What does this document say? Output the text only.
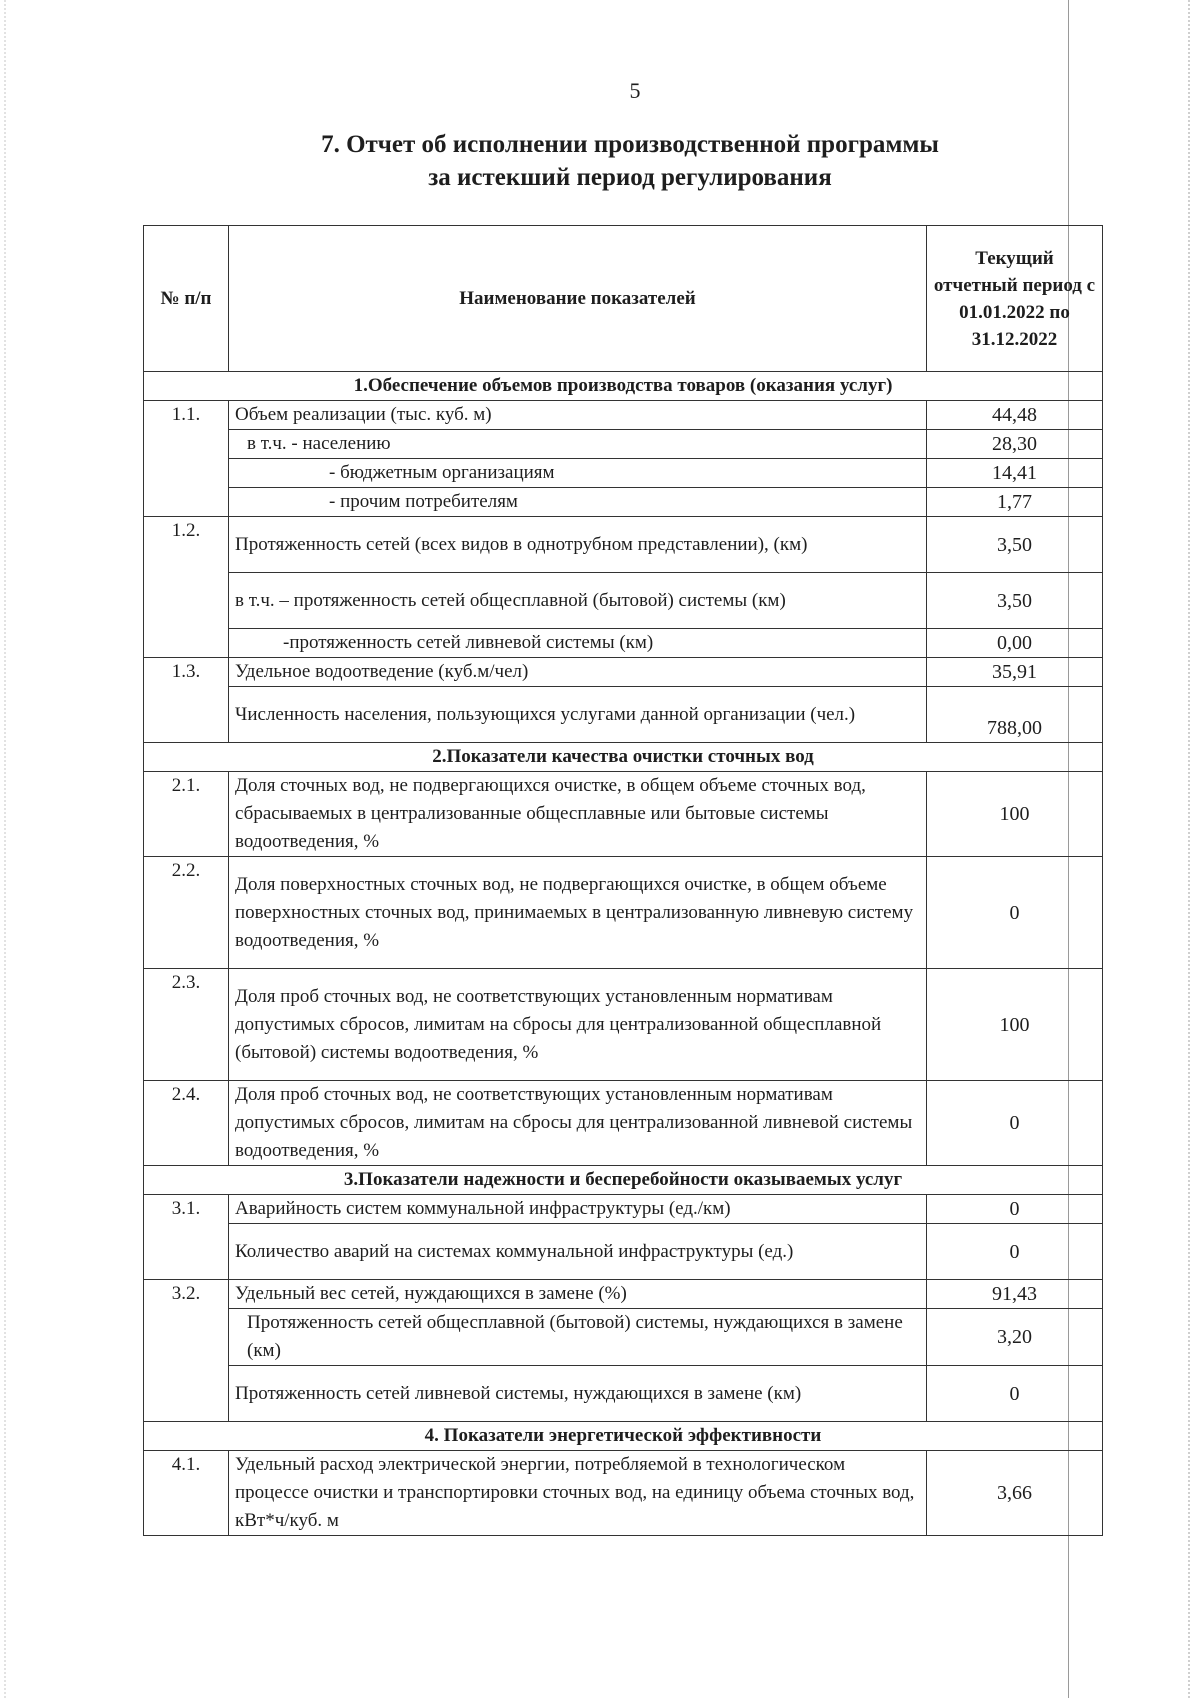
5
7. Отчет об исполнении производственной программы
за истекший период регулирования
№ п/п	Наименование показателей	Текущий отчетный период с 01.01.2022 по 31.12.2022
1.Обеспечение объемов производства товаров (оказания услуг)		
1.1.	Объем реализации (тыс. куб. м)	44,48
	в т.ч. - населению	28,30
	- бюджетным организациям	14,41
	- прочим потребителям	1,77
1.2.	Протяженность сетей (всех видов в однотрубном представлении), (км)	3,50
	в т.ч. – протяженность сетей общесплавной (бытовой) системы (км)	3,50
	-протяженность сетей ливневой системы (км)	0,00
1.3.	Удельное водоотведение (куб.м/чел)	35,91
	Численность населения, пользующихся услугами данной организации (чел.)	788,00
2.Показатели качества очистки сточных вод		
2.1.	Доля сточных вод, не подвергающихся очистке, в общем объеме сточных вод, сбрасываемых в централизованные общесплавные или бытовые системы водоотведения, %	100
2.2.	Доля поверхностных сточных вод, не подвергающихся очистке, в общем объеме поверхностных сточных вод, принимаемых в централизованную ливневую систему водоотведения, %	0
2.3.	Доля проб сточных вод, не соответствующих установленным нормативам допустимых сбросов, лимитам на сбросы для централизованной общесплавной (бытовой) системы водоотведения, %	100
2.4.	Доля проб сточных вод, не соответствующих установленным нормативам допустимых сбросов, лимитам на сбросы для централизованной ливневой системы водоотведения, %	0
3.Показатели надежности и бесперебойности оказываемых услуг		
3.1.	Аварийность систем коммунальной инфраструктуры (ед./км)	0
	Количество аварий на системах коммунальной инфраструктуры (ед.)	0
3.2.	Удельный вес сетей, нуждающихся в замене (%)	91,43
	Протяженность сетей общесплавной (бытовой) системы, нуждающихся в замене (км)	3,20
	Протяженность сетей ливневой системы, нуждающихся в замене (км)	0
4. Показатели энергетической эффективности		
4.1.	Удельный расход электрической энергии, потребляемой в технологическом процессе очистки и транспортировки сточных вод, на единицу объема сточных вод, кВт*ч/куб. м	3,66
